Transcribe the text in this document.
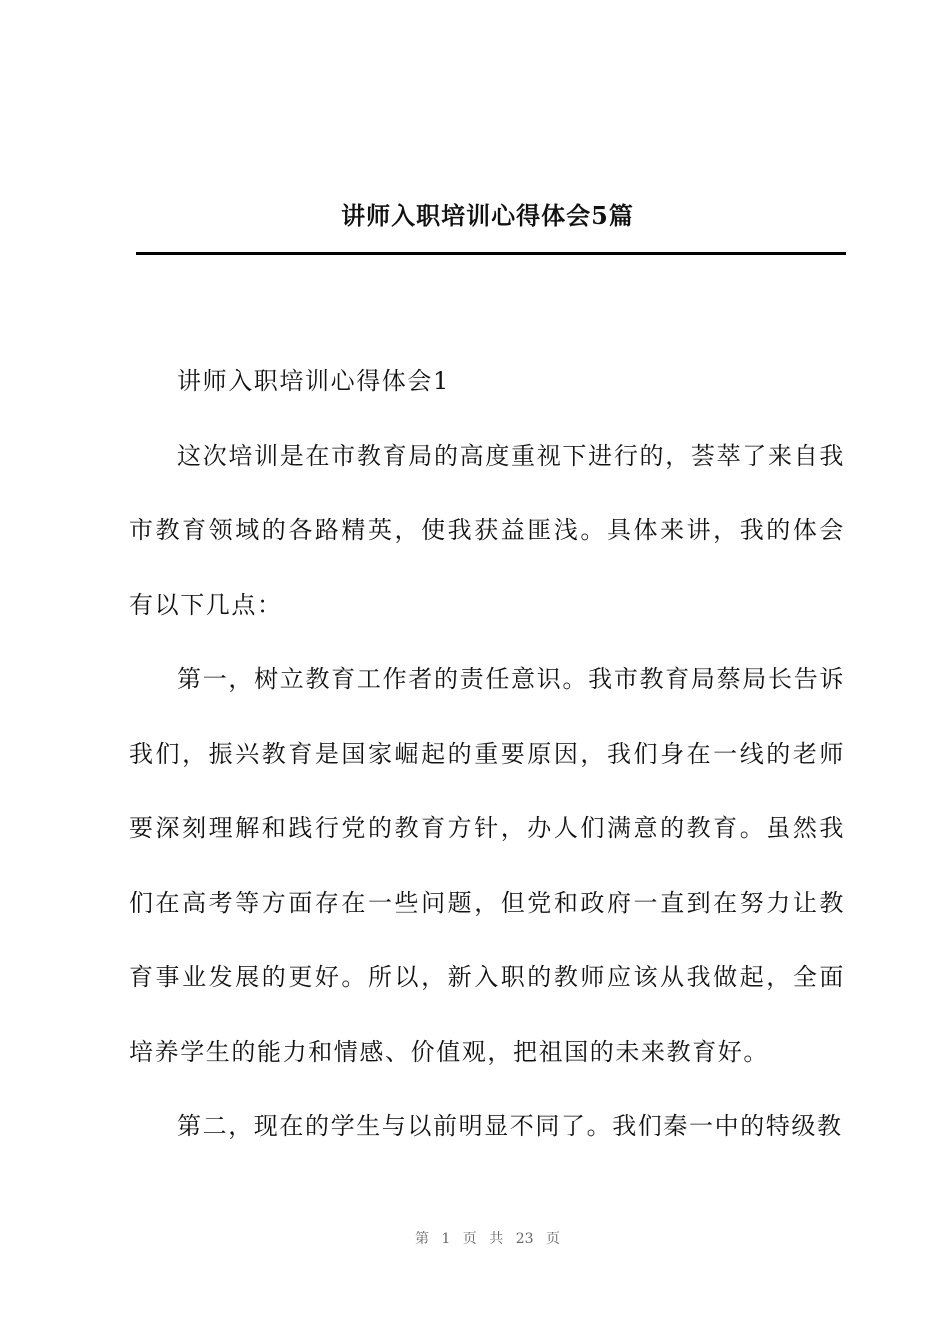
讲师入职培训心得体会5篇

讲师入职培训心得体会1

这次培训是在市教育局的高度重视下进行的，荟萃了来自我市教育领域的各路精英，使我获益匪浅。具体来讲，我的体会有以下几点：

第一，树立教育工作者的责任意识。我市教育局蔡局长告诉我们，振兴教育是国家崛起的重要原因，我们身在一线的老师要深刻理解和践行党的教育方针，办人们满意的教育。虽然我们在高考等方面存在一些问题，但党和政府一直到在努力让教育事业发展的更好。所以，新入职的教师应该从我做起，全面培养学生的能力和情感、价值观，把祖国的未来教育好。

第二，现在的学生与以前明显不同了。我们秦一中的特级教

第 1 页 共 23 页
